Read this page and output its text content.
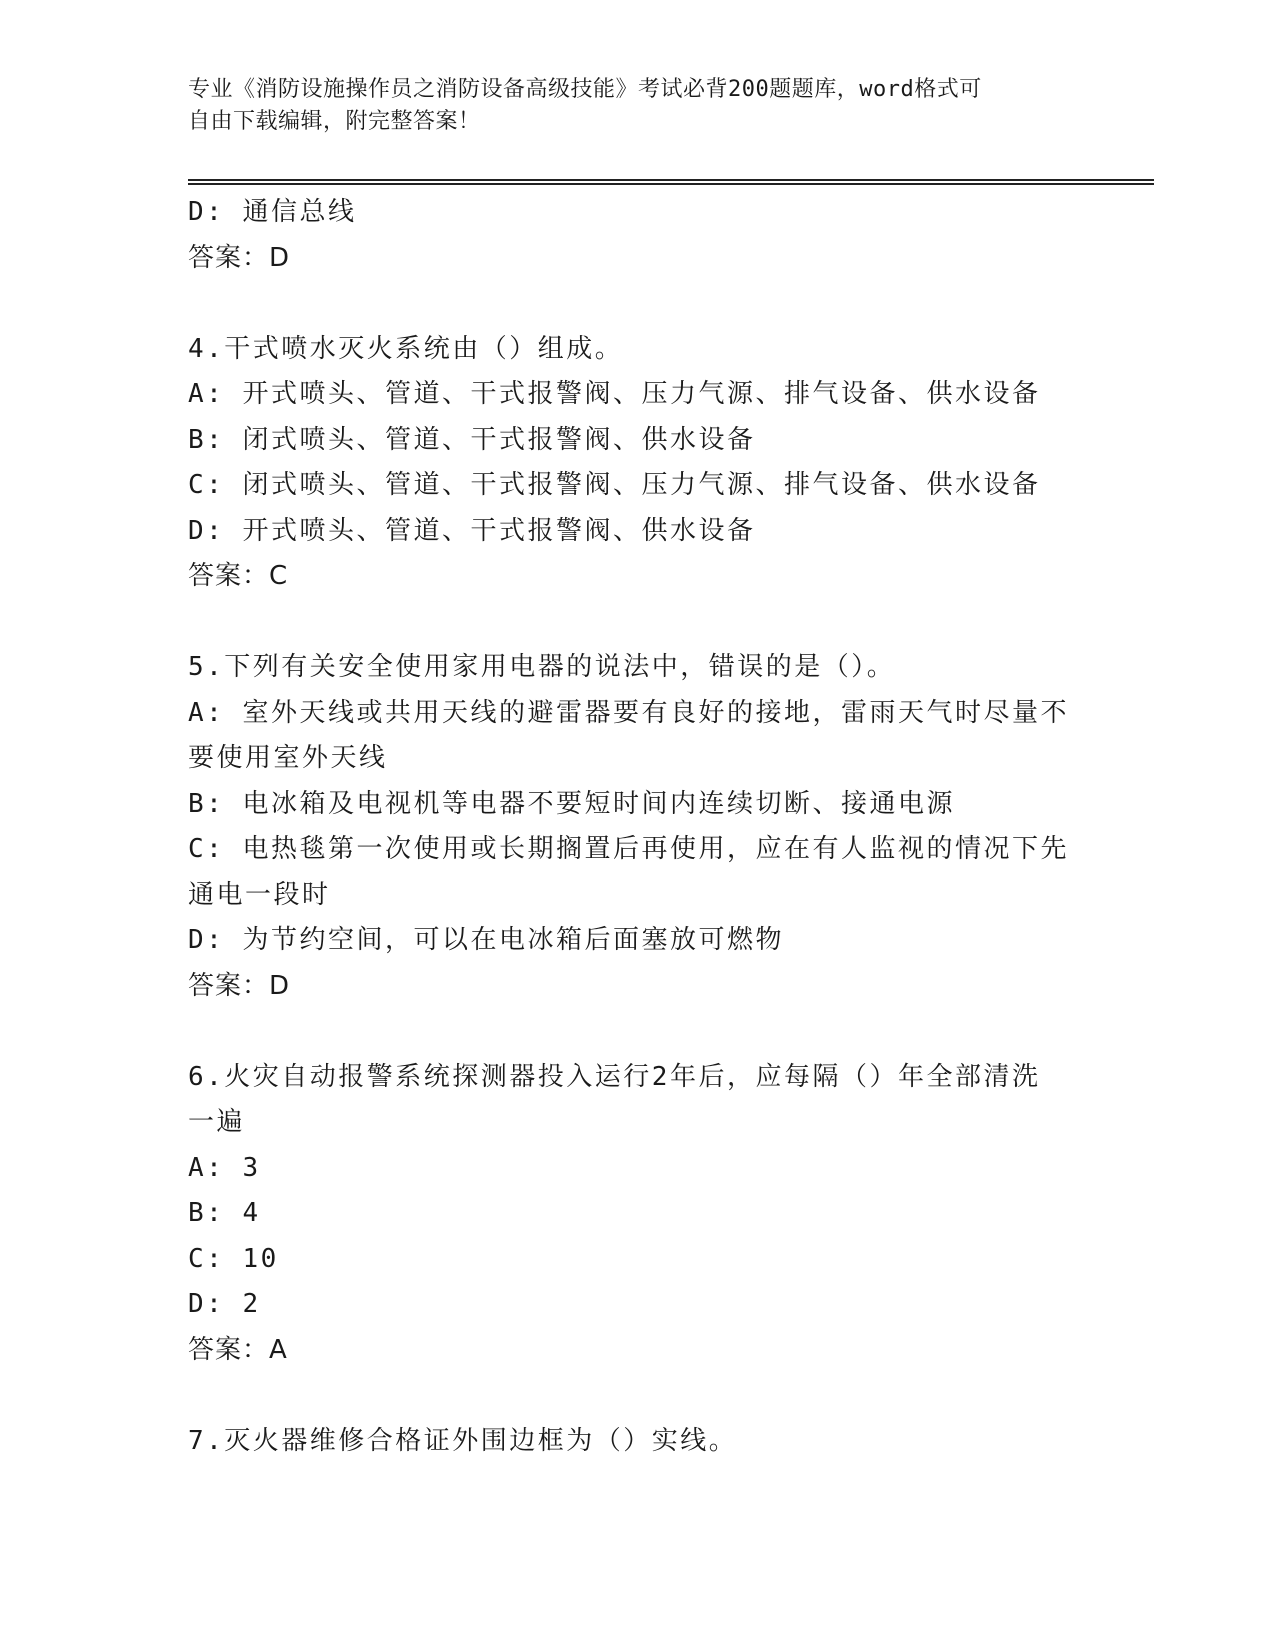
专业《消防设施操作员之消防设备高级技能》考试必背200题题库，word格式可
自由下载编辑，附完整答案！
D: 通信总线
答案：D
4.干式喷水灭火系统由（）组成。
A: 开式喷头、管道、干式报警阀、压力气源、排气设备、供水设备
B: 闭式喷头、管道、干式报警阀、供水设备
C: 闭式喷头、管道、干式报警阀、压力气源、排气设备、供水设备
D: 开式喷头、管道、干式报警阀、供水设备
答案：C
5.下列有关安全使用家用电器的说法中，错误的是（）。
A: 室外天线或共用天线的避雷器要有良好的接地，雷雨天气时尽量不
要使用室外天线
B: 电冰箱及电视机等电器不要短时间内连续切断、接通电源
C: 电热毯第一次使用或长期搁置后再使用，应在有人监视的情况下先
通电一段时
D: 为节约空间，可以在电冰箱后面塞放可燃物
答案：D
6.火灾自动报警系统探测器投入运行2年后，应每隔（）年全部清洗
一遍
A: 3
B: 4
C: 10
D: 2
答案：A
7.灭火器维修合格证外围边框为（）实线。
